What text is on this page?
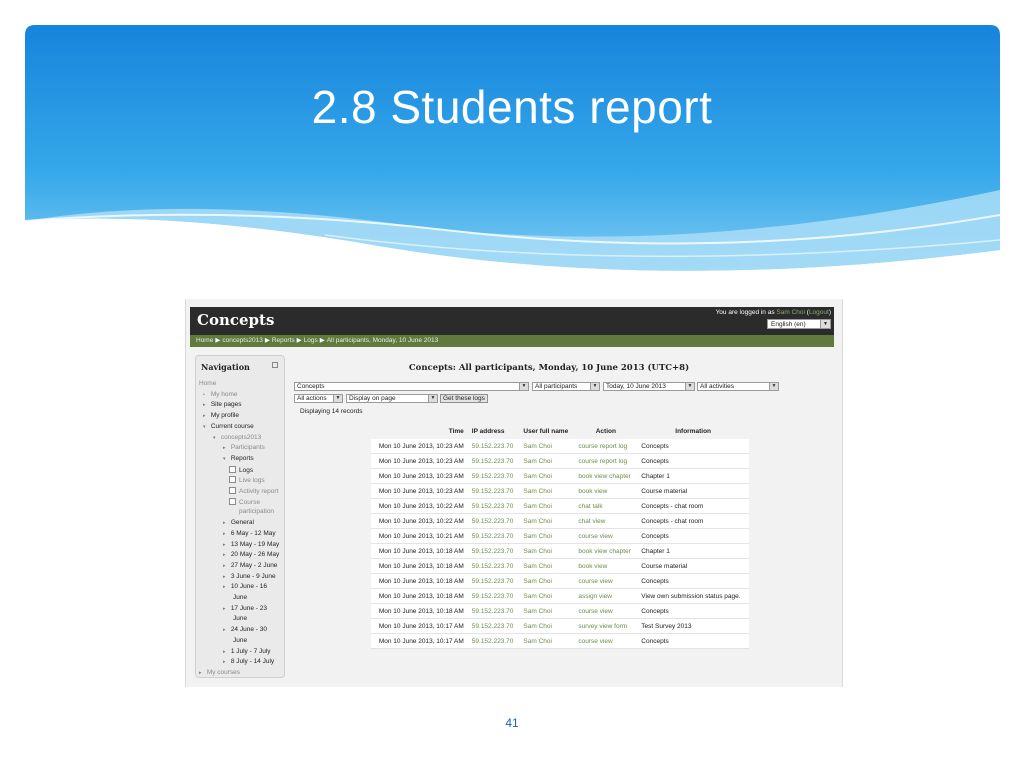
2.8 Students report
Concepts	You are logged in as Sam Choi (Logout)
English (en)	▼
Home ▶ concepts2013 ▶ Reports ▶ Logs ▶ All participants, Monday, 10 June 2013
Navigation
Home
• My home
▸ Site pages
▸ My profile
▾ Current course
▾ concepts2013
▸ Participants
▾ Reports
Logs
Live logs
Activity report
Course
participation
▸ General
▸ 6 May - 12 May
▸ 13 May - 19 May
▸ 20 May - 26 May
▸ 27 May - 2 June
▸ 3 June - 9 June
▸ 10 June - 16
June
▸ 17 June - 23
June
▸ 24 June - 30
June
▸ 1 July - 7 July
▸ 8 July - 14 July
▸ My courses
Concepts: All participants, Monday, 10 June 2013 (UTC+8)
Concepts	▼	All participants	▼	Today, 10 June 2013	▼	All activities	▼
All actions	▼	Display on page	▼	Get these logs
Displaying 14 records
Time	IP address	User full name	Action	Information
Mon 10 June 2013, 10:23 AM	59.152.223.70	Sam Choi	course report log	Concepts
Mon 10 June 2013, 10:23 AM	59.152.223.70	Sam Choi	course report log	Concepts
Mon 10 June 2013, 10:23 AM	59.152.223.70	Sam Choi	book view chapter	Chapter 1
Mon 10 June 2013, 10:23 AM	59.152.223.70	Sam Choi	book view	Course material
Mon 10 June 2013, 10:22 AM	59.152.223.70	Sam Choi	chat talk	Concepts - chat room
Mon 10 June 2013, 10:22 AM	59.152.223.70	Sam Choi	chat view	Concepts - chat room
Mon 10 June 2013, 10:21 AM	59.152.223.70	Sam Choi	course view	Concepts
Mon 10 June 2013, 10:18 AM	59.152.223.70	Sam Choi	book view chapter	Chapter 1
Mon 10 June 2013, 10:18 AM	59.152.223.70	Sam Choi	book view	Course material
Mon 10 June 2013, 10:18 AM	59.152.223.70	Sam Choi	course view	Concepts
Mon 10 June 2013, 10:18 AM	59.152.223.70	Sam Choi	assign view	View own submission status page.
Mon 10 June 2013, 10:18 AM	59.152.223.70	Sam Choi	course view	Concepts
Mon 10 June 2013, 10:17 AM	59.152.223.70	Sam Choi	survey view form	Test Survey 2013
Mon 10 June 2013, 10:17 AM	59.152.223.70	Sam Choi	course view	Concepts
41
